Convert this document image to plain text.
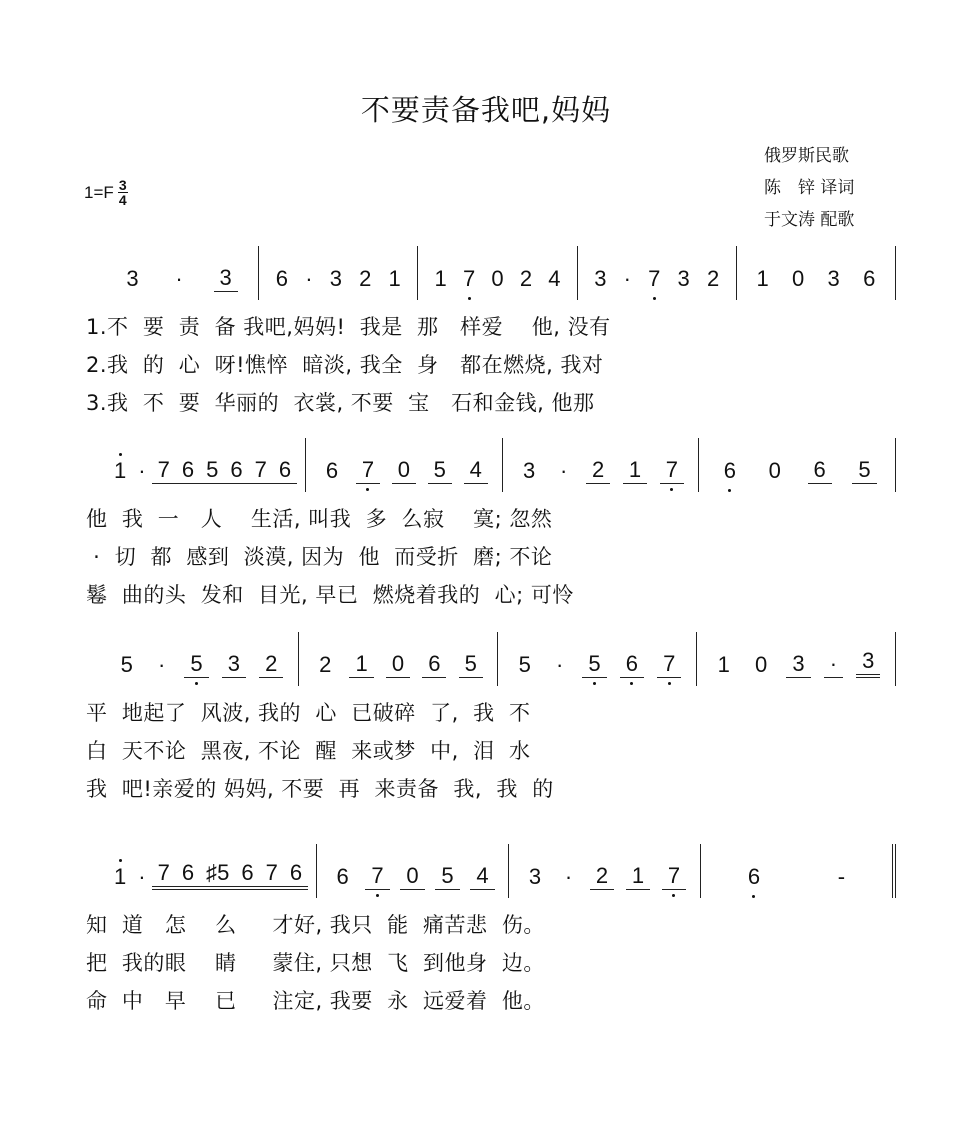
不要责备我吧,妈妈
$1=F \frac{3}{4}$
俄罗斯民歌
陈　锌 译词
于文涛 配歌
3 · 3 6 · 3 2 1 1 7 0 2 4 3 · 7 3 2 1 0 3 6
1.不  要  责  备 我吧,妈妈!  我是  那   样爱    他, 没有
2.我  的  心  呀!憔悴  暗淡, 我全  身   都在燃烧, 我对
3.我  不  要  华丽的  衣裳, 不要  宝   石和金钱, 他那
1 · 7 6 5 6 7 6 6 7 0 5 4 3 · 2 1 7 6 0 6 5
他  我  一   人    生活, 叫我  多  么寂    寞; 忽然
·  切  都  感到  淡漠, 因为  他  而受折  磨; 不论
鬈  曲的头  发和  目光, 早已  燃烧着我的  心; 可怜
5 · 5 3 2 2 1 0 6 5 5 · 5 6 7 1 0 3 · 3
平  地起了  风波, 我的  心  已破碎  了,  我  不
白  天不论  黑夜, 不论  醒  来或梦  中,  泪  水
我  吧!亲爱的 妈妈, 不要  再  来责备  我,  我  的
1 · 7 6 ♯5 6 7 6 6 7 0 5 4 3 · 2 1 7	6	-
知  道   怎    么     才好, 我只  能  痛苦悲  伤。
把  我的眼    睛     蒙住, 只想  飞  到他身  边。
命  中   早    已     注定, 我要  永  远爱着  他。
